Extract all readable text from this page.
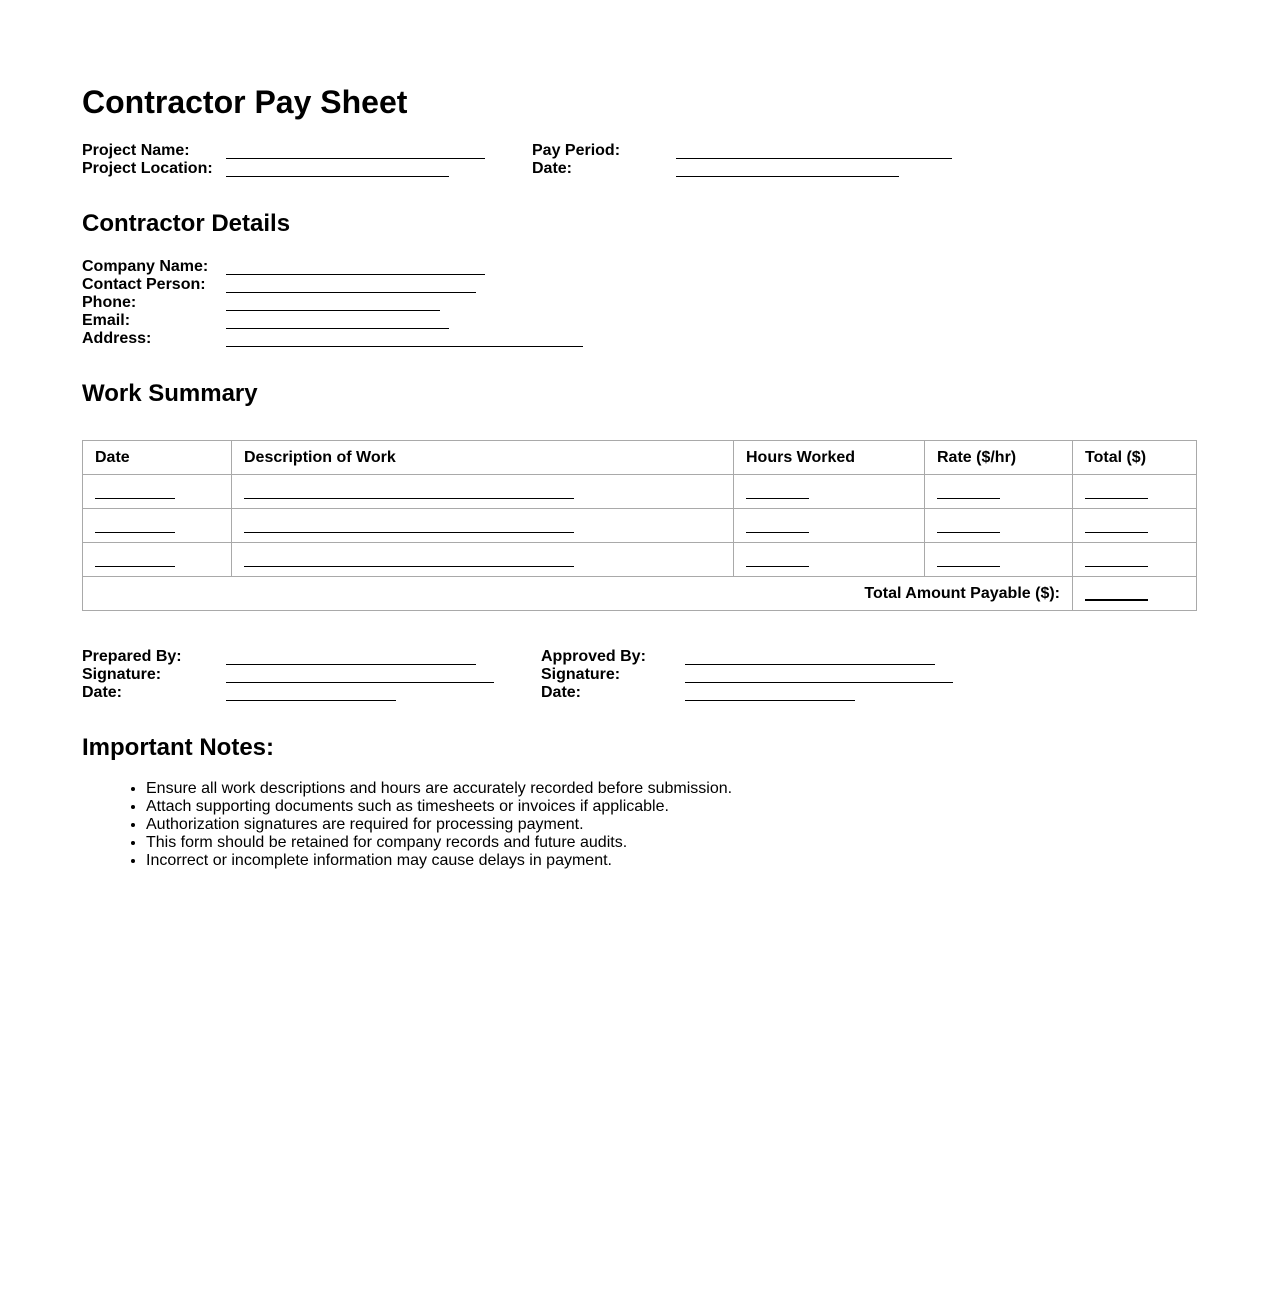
Contractor Pay Sheet
Project Name:
Project Location:
Pay Period:
Date:
Contractor Details
Company Name:
Contact Person:
Phone:
Email:
Address:
Work Summary
Date	Description of Work	Hours Worked	Rate ($/hr)	Total ($)

Total Amount Payable ($):				
Prepared By:
Signature:
Date:
Approved By:
Signature:
Date:
Important Notes:
• Ensure all work descriptions and hours are accurately recorded before submission.
• Attach supporting documents such as timesheets or invoices if applicable.
• Authorization signatures are required for processing payment.
• This form should be retained for company records and future audits.
• Incorrect or incomplete information may cause delays in payment.
